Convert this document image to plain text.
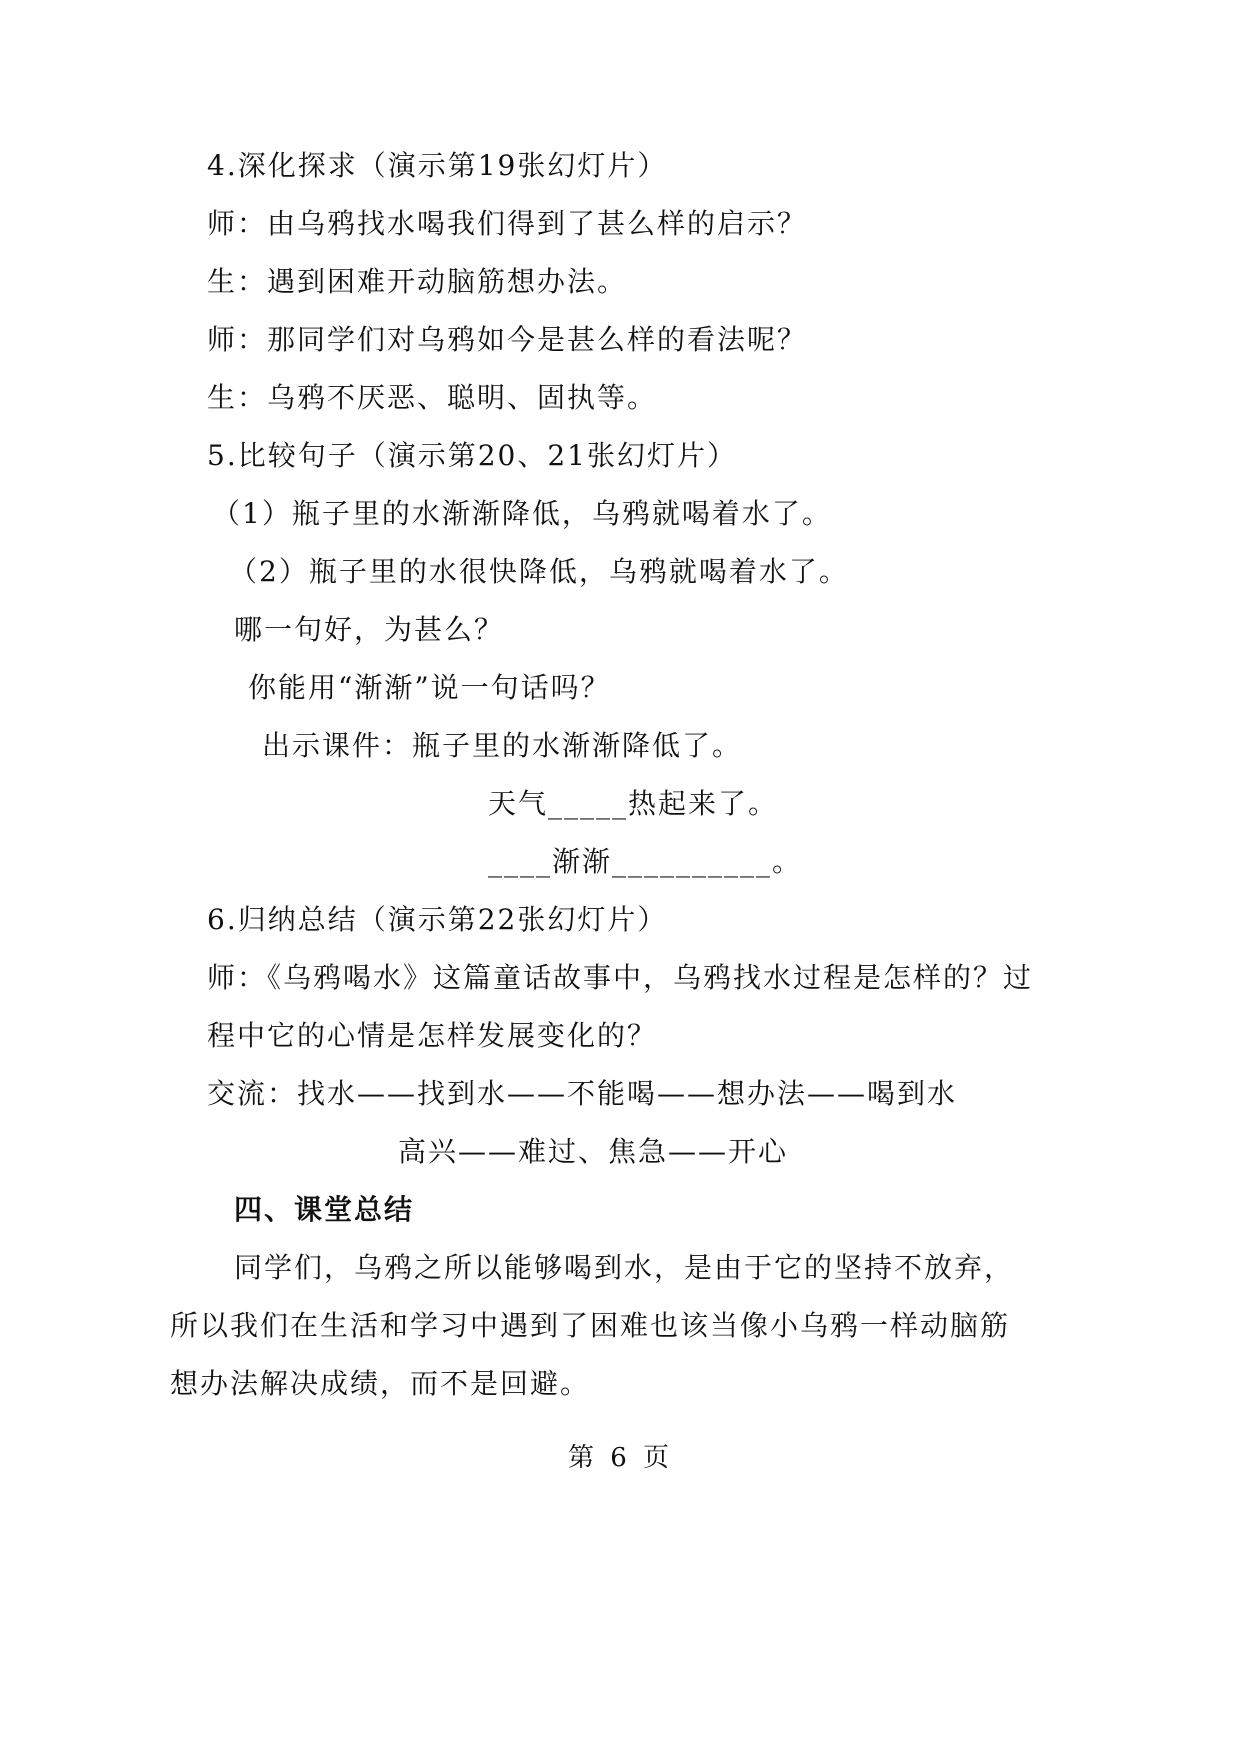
4.深化探求（演示第19张幻灯片）
师：由乌鸦找水喝我们得到了甚么样的启示？
生：遇到困难开动脑筋想办法。
师：那同学们对乌鸦如今是甚么样的看法呢？
生：乌鸦不厌恶、聪明、固执等。
5.比较句子（演示第20、21张幻灯片）
（1）瓶子里的水渐渐降低，乌鸦就喝着水了。
（2）瓶子里的水很快降低，乌鸦就喝着水了。
哪一句好，为甚么？
你能用“渐渐”说一句话吗？
出示课件：瓶子里的水渐渐降低了。
天气_____热起来了。
____渐渐__________。
6.归纳总结（演示第22张幻灯片）
师：《乌鸦喝水》这篇童话故事中，乌鸦找水过程是怎样的？过
程中它的心情是怎样发展变化的？
交流：找水——找到水——不能喝——想办法——喝到水
高兴——难过、焦急——开心
四、课堂总结
同学们，乌鸦之所以能够喝到水，是由于它的坚持不放弃，
所以我们在生活和学习中遇到了困难也该当像小乌鸦一样动脑筋
想办法解决成绩，而不是回避。
第 6 页
